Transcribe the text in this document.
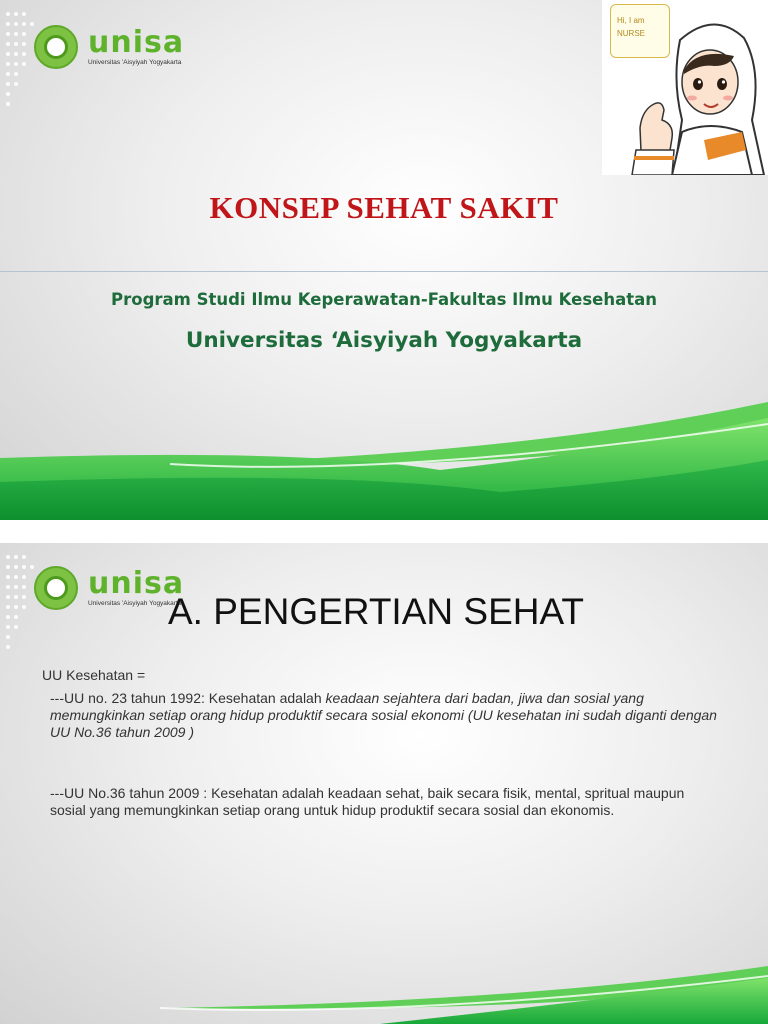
unisa
Universitas 'Aisyiyah Yogyakarta
Hi, I am NURSE
KONSEP SEHAT SAKIT
Program Studi Ilmu Keperawatan-Fakultas Ilmu Kesehatan
Universitas ‘Aisyiyah Yogyakarta
unisa
Universitas 'Aisyiyah Yogyakarta
A. PENGERTIAN SEHAT
UU Kesehatan =
---UU no. 23 tahun 1992: Kesehatan adalah keadaan sejahtera dari badan, jiwa dan sosial yang memungkinkan setiap orang hidup produktif secara sosial ekonomi (UU kesehatan ini sudah diganti dengan UU No.36 tahun 2009 )
---UU No.36 tahun 2009 : Kesehatan adalah keadaan sehat, baik secara fisik, mental, spritual maupun sosial yang memungkinkan setiap orang untuk hidup produktif secara sosial dan ekonomis.
